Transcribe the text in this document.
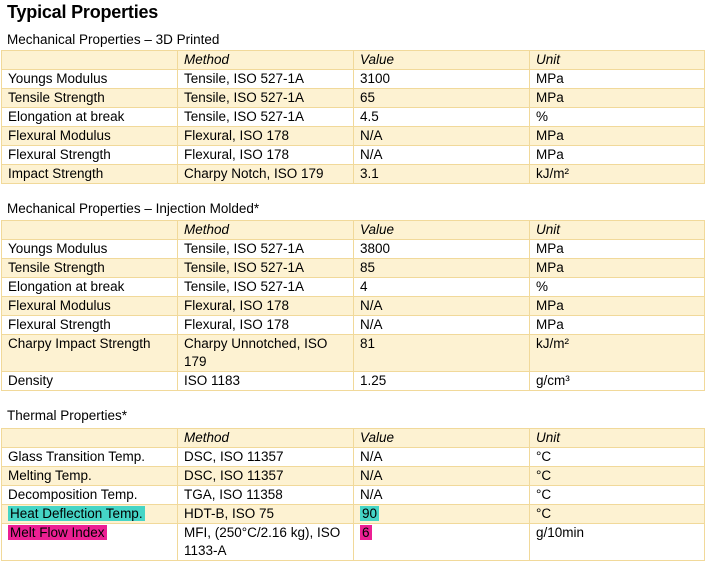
Typical Properties
Mechanical Properties – 3D Printed
	Method	Value	Unit
Youngs Modulus	Tensile, ISO 527-1A	3100	MPa
Tensile Strength	Tensile, ISO 527-1A	65	MPa
Elongation at break	Tensile, ISO 527-1A	4.5	%
Flexural Modulus	Flexural, ISO 178	N/A	MPa
Flexural Strength	Flexural, ISO 178	N/A	MPa
Impact Strength	Charpy Notch, ISO 179	3.1	kJ/m²
Mechanical Properties – Injection Molded*
	Method	Value	Unit
Youngs Modulus	Tensile, ISO 527-1A	3800	MPa
Tensile Strength	Tensile, ISO 527-1A	85	MPa
Elongation at break	Tensile, ISO 527-1A	4	%
Flexural Modulus	Flexural, ISO 178	N/A	MPa
Flexural Strength	Flexural, ISO 178	N/A	MPa
Charpy Impact Strength	Charpy Unnotched, ISO 179	81	kJ/m²
Density	ISO 1183	1.25	g/cm³
Thermal Properties*
	Method	Value	Unit
Glass Transition Temp.	DSC, ISO 11357	N/A	°C
Melting Temp.	DSC, ISO 11357	N/A	°C
Decomposition Temp.	TGA, ISO 11358	N/A	°C
Heat Deflection Temp.	HDT-B, ISO 75	90	°C
Melt Flow Index	MFI, (250°C/2.16 kg), ISO 1133-A	6	g/10min
